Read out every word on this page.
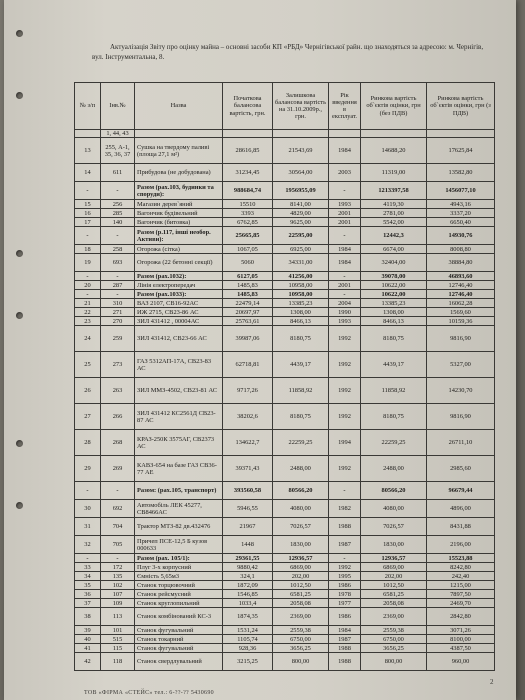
Актуалізація Звіту про оцінку майна – основні засоби КП «РБД» Чернігівської райн. що знаходяться за адресою: м. Чернігів, вул. Інструментальна, 8.
№ з/п	Інв.№	Назва	Початкова балансова вартість, грн.	Залишкова балансова вартість на 31.10.2009р., грн.	Рік введення в експлуат.	Ринкова вартість об`єктів оцінки, грн (без ПДВ)	Ринкова вартість об`єктів оцінки, грн (з ПДВ)
	1, 44, 43						
13	255, А-1, 35, 36, 37	Сушка на твердому паливі (площа 27,1 м²)	28616,85	21543,69	1984	14688,20	17625,84
14	611	Прибудова (не добудована)	31234,45	30564,00	2003	11319,00	13582,80
-	-	Разом (рах.103, будинки та споруди):	988684,74	1956955,09	-	1213397,58	1456077,10
15	256	Магазин дерев`яний	15510	8141,00	1993	4119,30	4943,16
16	285	Вагончик будівельний	3393	4829,00	2001	2781,00	3337,20
17	140	Вагончик (битовка)	6762,85	9625,00	2001	5542,00	6650,40
-	-	Разом (р.117, інші необор. Активи):	25665,85	22595,00	-	12442,3	14930,76
18	258	Огорожа (сітка)	1067,05	6925,00	1984	6674,00	8008,80
19	693	Огорожа (22 бетонні секції)	5060	34331,00	1984	32404,00	38884,80
-	-	Разом (рах.1032):	6127,05	41256,00	-	39078,00	46893,60
20	287	Лінія електропередач	1485,83	10958,00	2001	10622,00	12746,40
-	-	Разом (рах.1033):	1485,83	10958,00	-	10622,00	12746,40
21	310	ВАЗ 2107, СВ16-92АС	22479,14	13385,23	2004	13385,23	16062,28
22	271	ИЖ 2715, СВ23-86 АС	20697,97	1308,00	1990	1308,00	1569,60
23	270	ЗИЛ 431412 , 00004АС	25763,61	8466,13	1993	8466,13	10159,36
24	259	ЗИЛ 431412, СВ23-66 АС	39987,06	8180,75	1992	8180,75	9816,90
25	273	ГАЗ 5312АП-17А, СВ23-83 АС	62718,81	4439,17	1992	4439,17	5327,00
26	263	ЗИЛ ММЗ-4502, СВ23-81 АС	9717,26	11858,92	1992	11858,92	14230,70
27	266	ЗИЛ 431412 КС2561Д СВ23-87 АС	38202,6	8180,75	1992	8180,75	9816,90
28	268	КРАЗ-250К 3575АГ, СВ2373 АС	134622,7	22259,25	1994	22259,25	26711,10
29	269	КАВЗ-654 на базе ГАЗ СВ36-77 АЕ	39371,43	2488,00	1992	2488,00	2985,60
-	-	Разом: (рах.105, транспорт)	393560,58	80566,20	-	80566,20	96679,44
30	692	Автомобіль ЛЕК 45277, СВ8466АС	5946,55	4080,00	1982	4080,00	4896,00
31	704	Трактор МТЗ-82 дв.432476	21967	7026,57	1988	7026,57	8431,88
32	705	Причеп ПСЕ-12,5 Б кузов 000633	1448	1830,00	1987	1830,00	2196,00
-	-	Разом (рах. 105/1):	29361,55	12936,57	-	12936,57	15523,88
33	172	Плуг 3-х корпусний	9880,42	6869,00	1992	6869,00	8242,80
34	135	Ємність 5,65м3	324,1	202,00	1995	202,00	242,40
35	102	Станок торцювочний	1872,09	1012,50	1986	1012,50	1215,00
36	107	Станок рейсмусний	1546,85	6581,25	1978	6581,25	7897,50
37	109	Станок круглопильний	1033,4	2058,08	1977	2058,08	2469,70
38	113	Станок комбінований КС-3	1874,35	2369,00	1986	2369,00	2842,80
39	101	Станок фугувальний	1531,24	2559,38	1984	2559,38	3071,26
40	515	Станок токарний	1105,74	6750,00	1987	6750,00	8100,00
41	115	Станок фугувальний	928,36	3656,25	1988	3656,25	4387,50
42	118	Станок свердлувальний	3215,25	800,00	1988	800,00	960,00
2
ТОВ «ФІРМА «СТЕЙС» тел.: 6-??-?? 5430690
